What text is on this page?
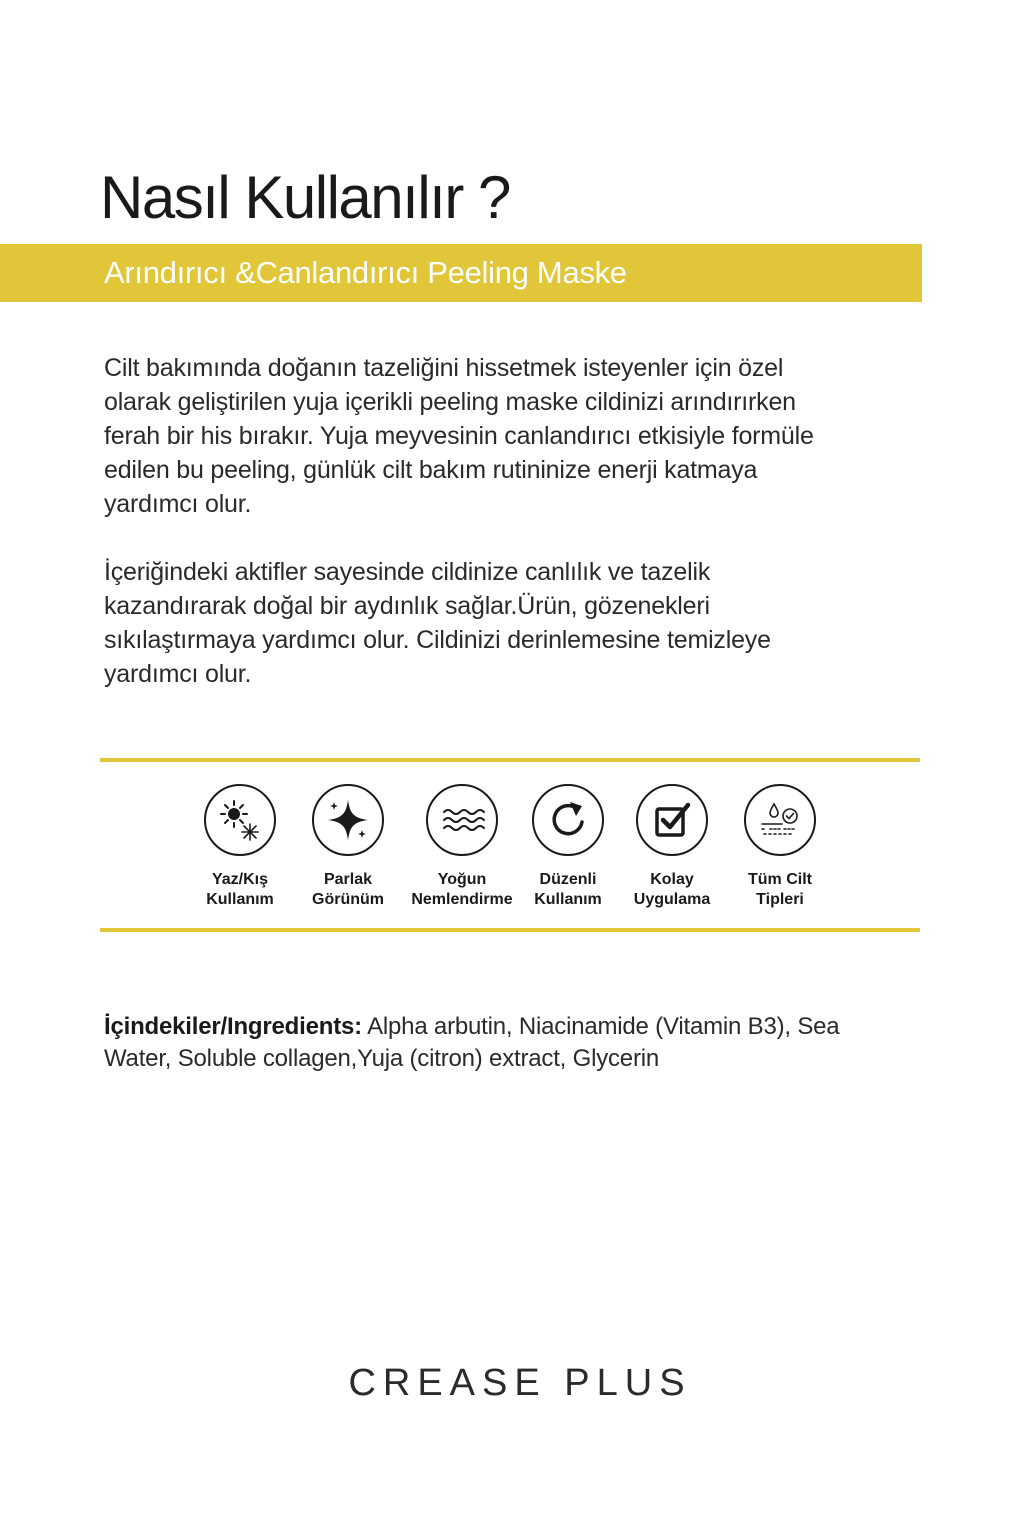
Nasıl Kullanılır ?
Arındırıcı &Canlandırıcı Peeling Maske

Cilt bakımında doğanın tazeliğini hissetmek isteyenler için özel
olarak geliştirilen yuja içerikli peeling maske cildinizi arındırırken
ferah bir his bırakır. Yuja meyvesinin canlandırıcı etkisiyle formüle
edilen bu peeling, günlük cilt bakım rutininize enerji katmaya
yardımcı olur.

İçeriğindeki aktifler sayesinde cildinize canlılık ve tazelik
kazandırarak doğal bir aydınlık sağlar.Ürün, gözenekleri
sıkılaştırmaya yardımcı olur. Cildinizi derinlemesine temizleye
yardımcı olur.

Yaz/Kış
Kullanım
Parlak
Görünüm
Yoğun
Nemlendirme
Düzenli
Kullanım
Kolay
Uygulama
Tüm Cilt
Tipleri

İçindekiler/Ingredients: Alpha arbutin, Niacinamide (Vitamin B3), Sea
Water, Soluble collagen,Yuja (citron) extract, Glycerin

CREASE PLUS
